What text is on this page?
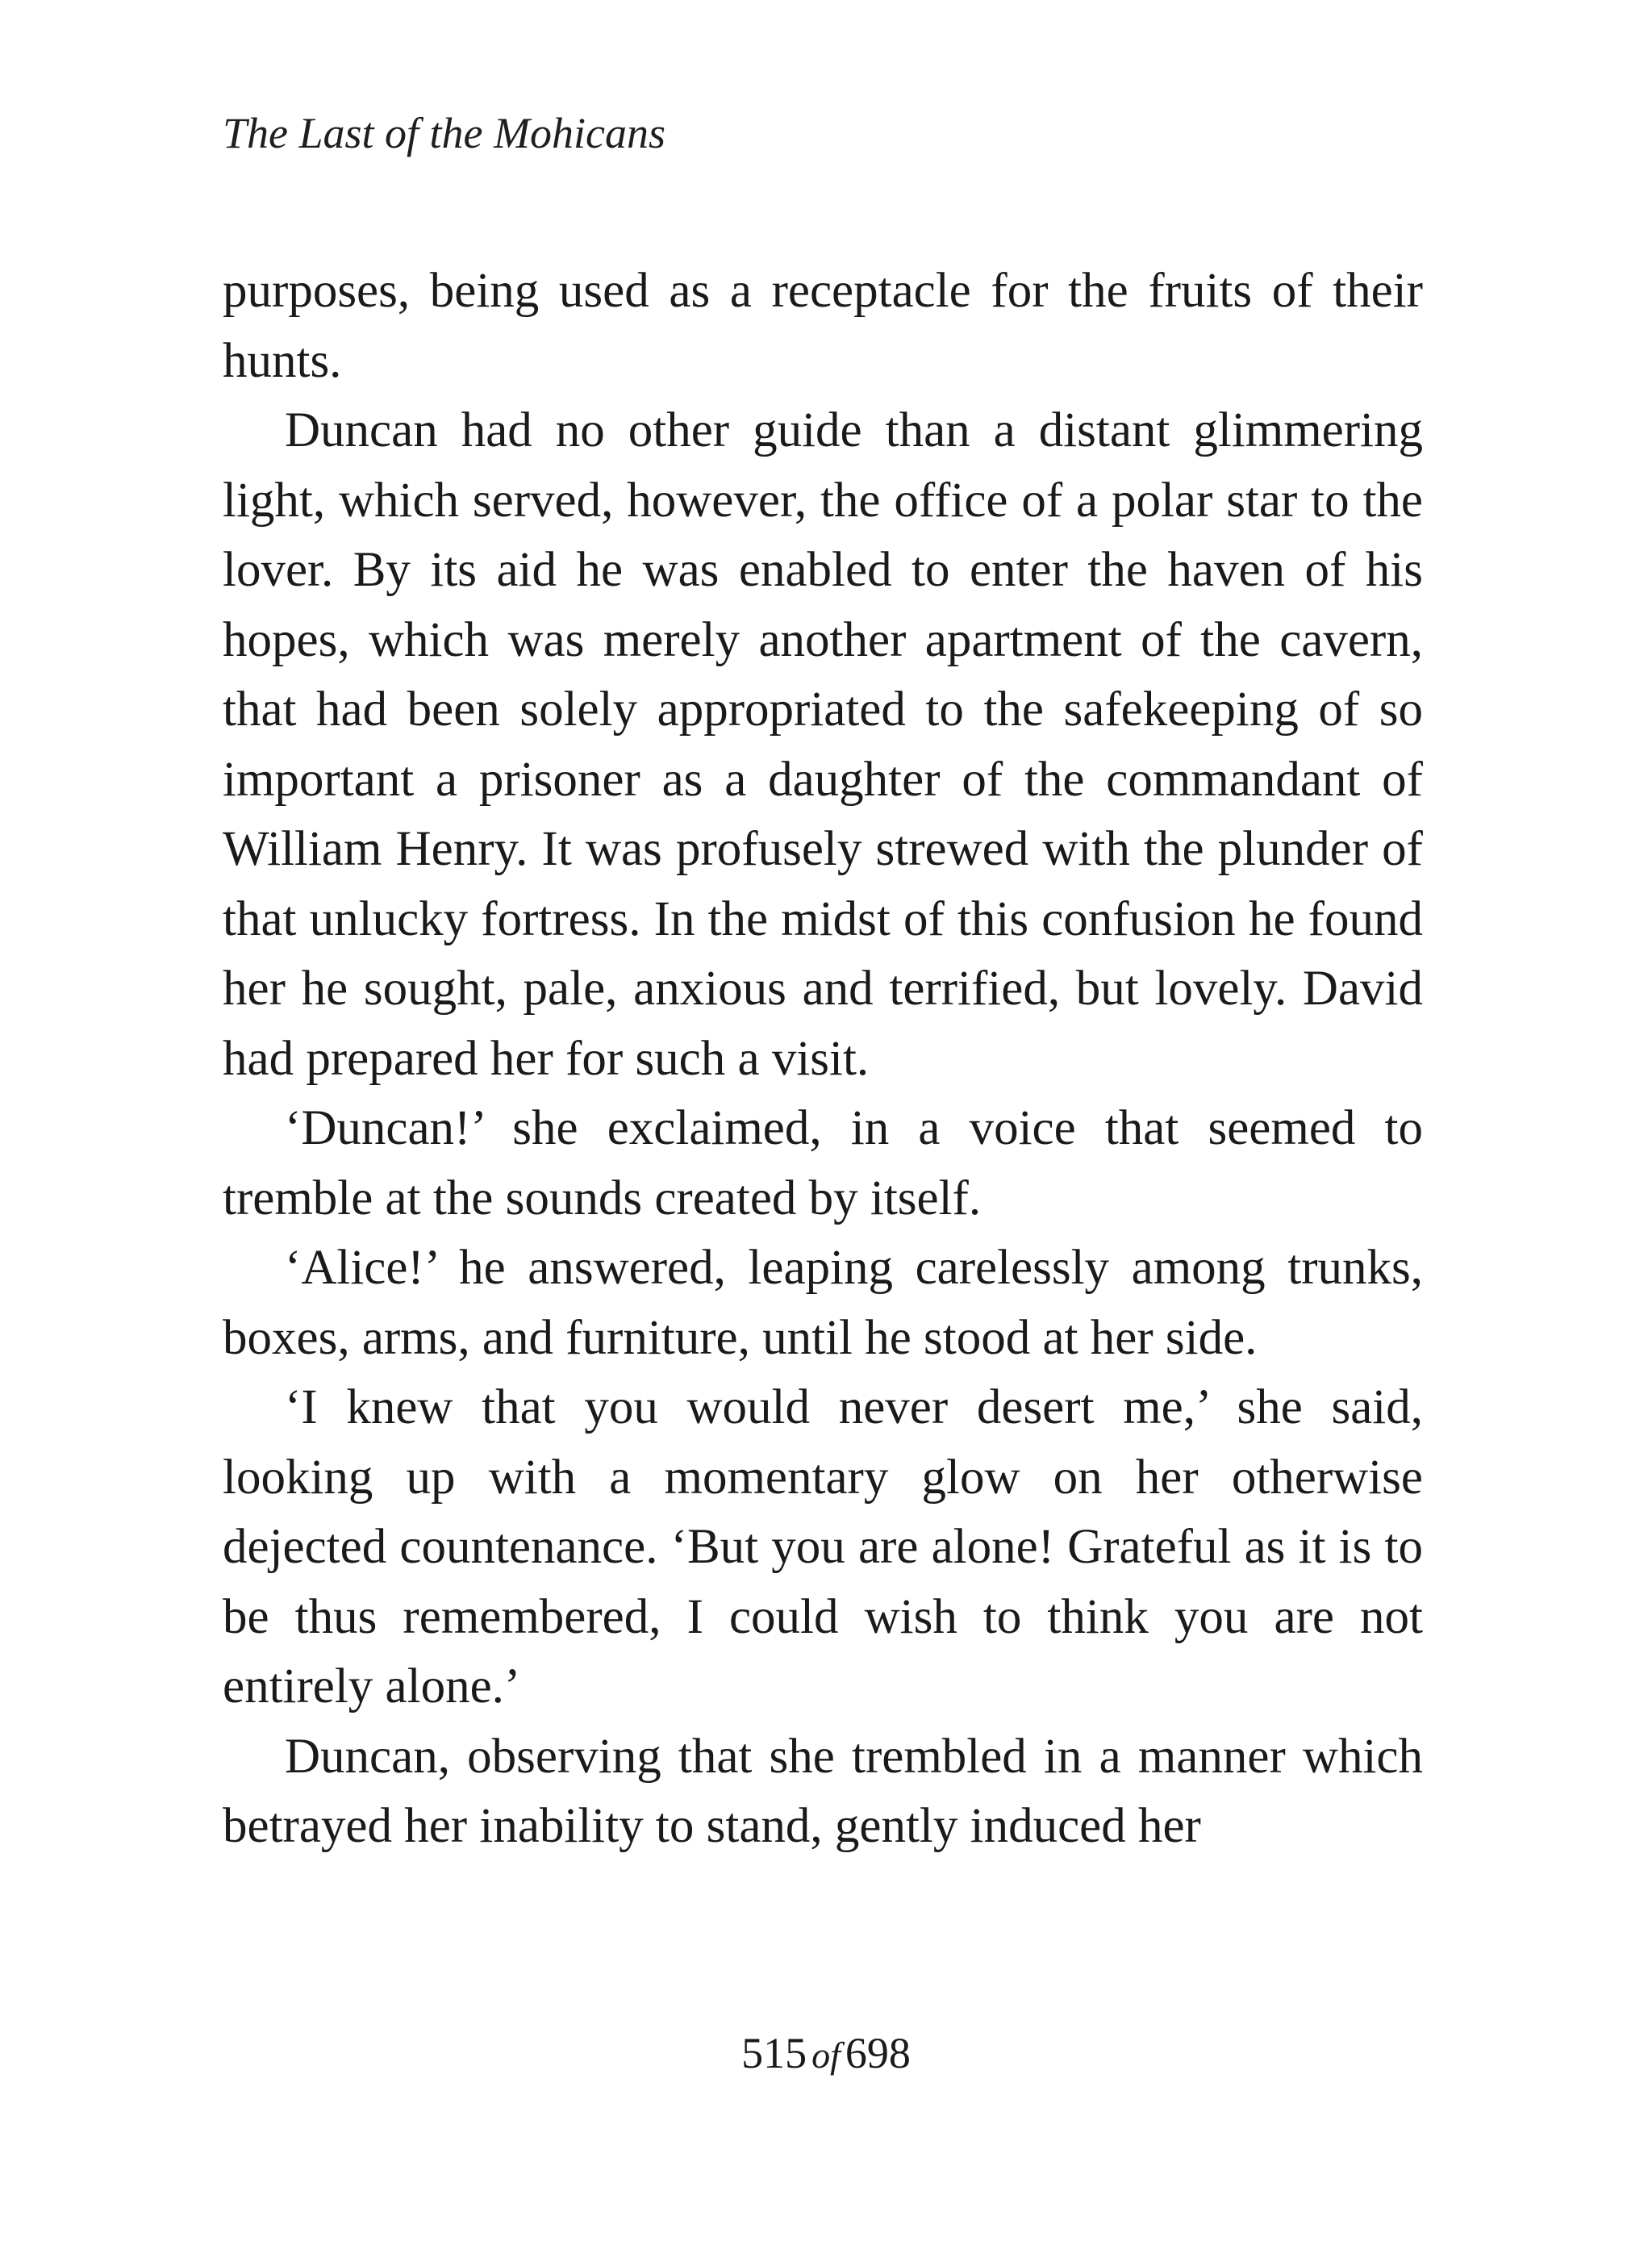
The Last of the Mohicans

purposes, being used as a receptacle for the fruits of their hunts.

Duncan had no other guide than a distant glimmering light, which served, however, the office of a polar star to the lover. By its aid he was enabled to enter the haven of his hopes, which was merely another apartment of the cavern, that had been solely appropriated to the safekeeping of so important a prisoner as a daughter of the commandant of William Henry. It was profusely strewed with the plunder of that unlucky fortress. In the midst of this confusion he found her he sought, pale, anxious and terrified, but lovely. David had prepared her for such a visit.

‘Duncan!’ she exclaimed, in a voice that seemed to tremble at the sounds created by itself.

‘Alice!’ he answered, leaping carelessly among trunks, boxes, arms, and furniture, until he stood at her side.

‘I knew that you would never desert me,’ she said, looking up with a momentary glow on her otherwise dejected countenance. ‘But you are alone! Grateful as it is to be thus remembered, I could wish to think you are not entirely alone.’

Duncan, observing that she trembled in a manner which betrayed her inability to stand, gently induced her

515 of 698
